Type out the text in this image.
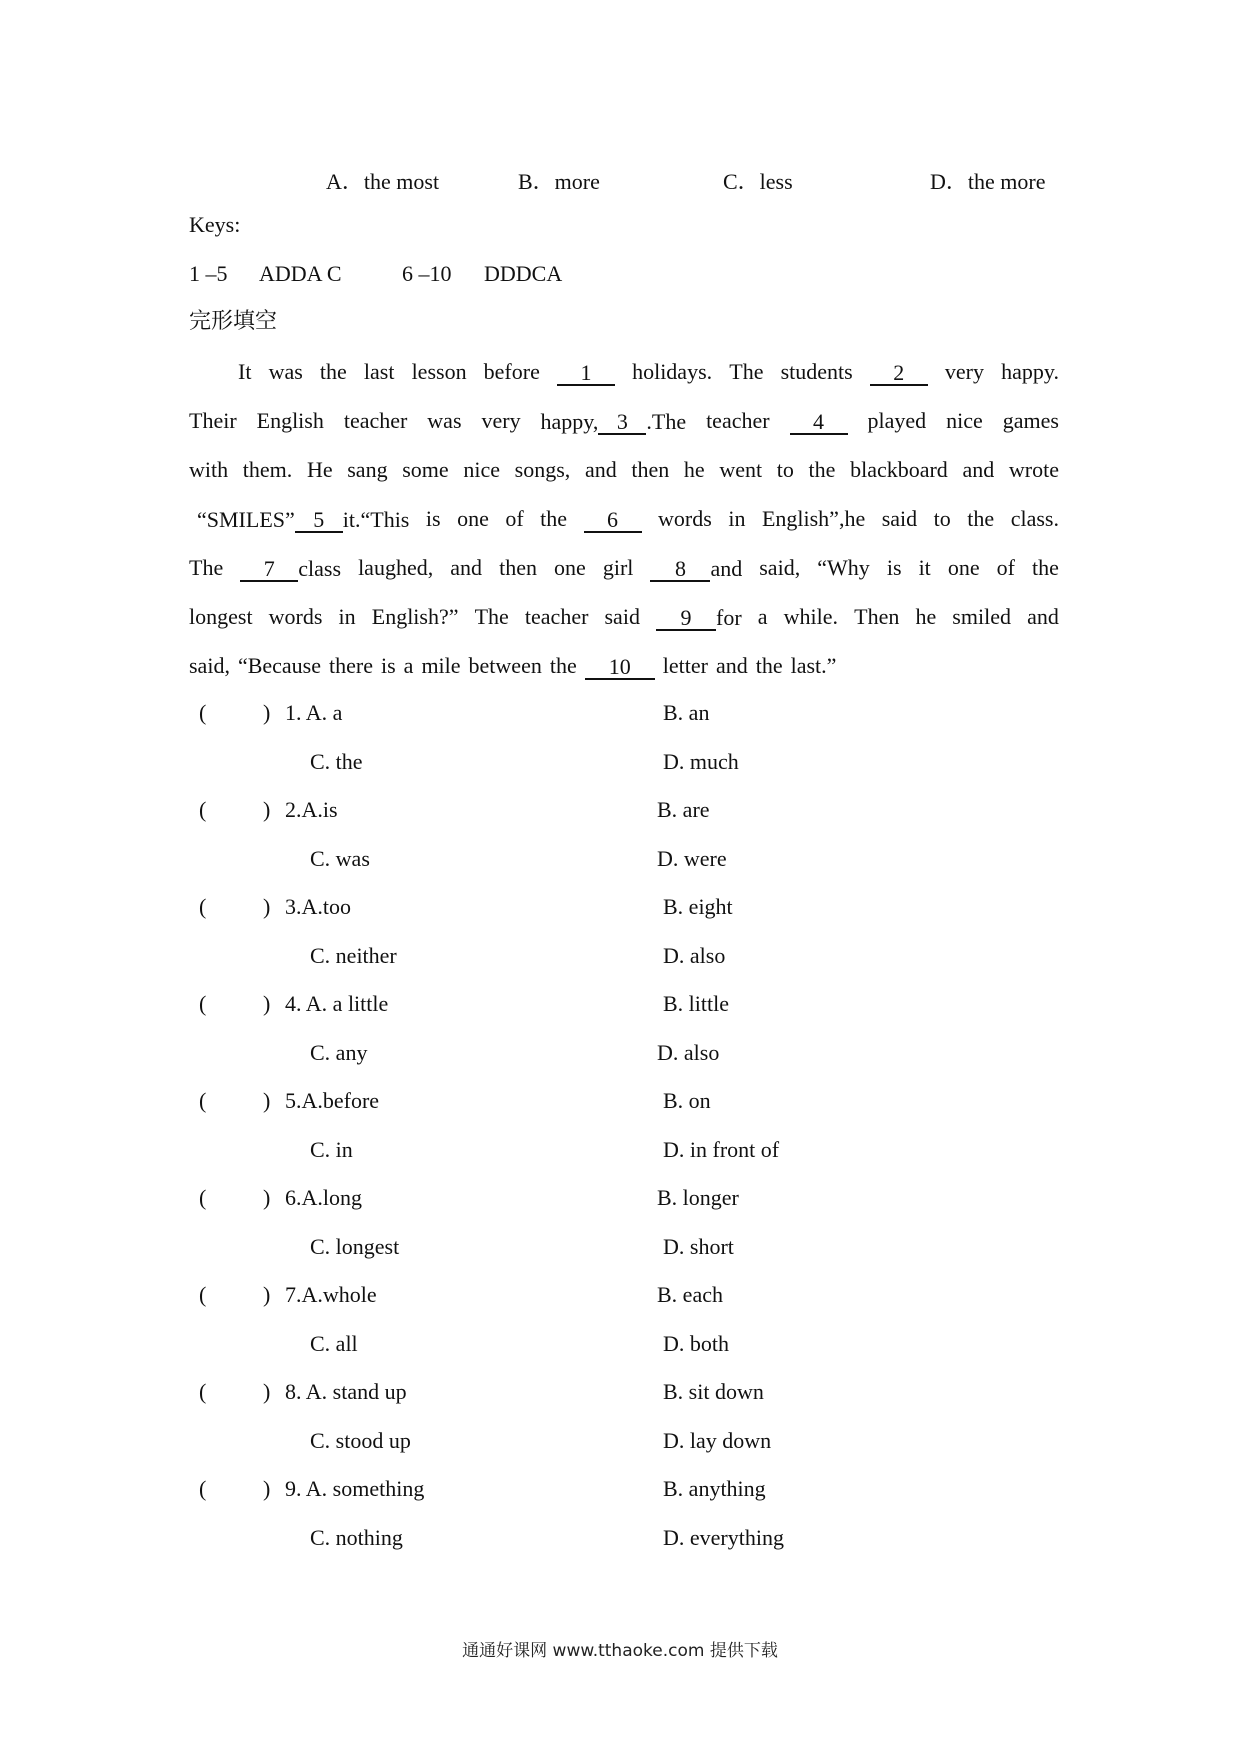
A．the most	B．more	C．less	D．the more
Keys:
1 –5 ADDA C	6 –10 DDDCA
完形填空
It was the last lesson before	1	holidays. The students	2	very happy.
Their English teacher was very happy, 3 .The teacher	4	played nice games
with them. He sang some nice songs, and then he went to the blackboard and wrote
“SMILES” 5 it.“This is one of the	6	words in English”,he said to the class.
The	7 class laughed, and then one girl	8 and said, “Why is it one of the
longest words in English?” The teacher said	9 for a while. Then he smiled and
said, “Because there is a mile between the	10	letter and the last.”
(	) 1. A. a	B. an
C. the	D. much
(	) 2.A.is	B. are
C. was	D. were
(	) 3.A.too	B. eight
C. neither	D. also
(	) 4. A. a little	B. little
C. any	D. also
(	) 5.A.before	B. on
C. in	D. in front of
(	) 6.A.long	B. longer
C. longest	D. short
(	) 7.A.whole	B. each
C. all	D. both
(	) 8. A. stand up	B. sit down
C. stood up	D. lay down
(	) 9. A. something	B. anything
C. nothing	D. everything
通通好课网 www.tthaoke.com 提供下载
